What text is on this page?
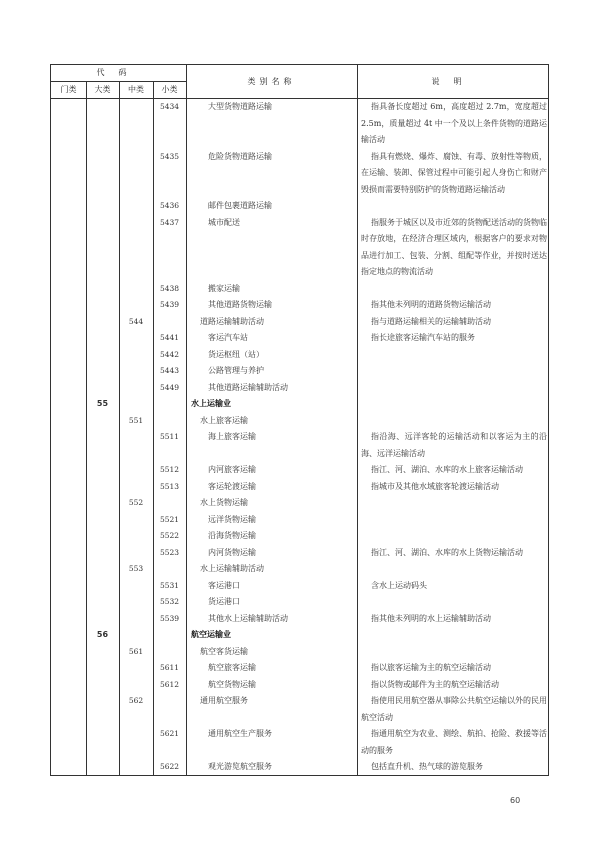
代码
门类	大类	中类	小类
类别名称	说明
5434	大型货物道路运输	指具备长度超过 6m，高度超过 2.7m，宽度超过 2.5m，质量超过 4t 中一个及以上条件货物的道路运输活动
5435	危险货物道路运输	指具有燃烧、爆炸、腐蚀、有毒、放射性等物质，在运输、装卸、保管过程中可能引起人身伤亡和财产毁损而需要特别防护的货物道路运输活动
5436	邮件包裹道路运输
5437	城市配送	指服务于城区以及市近郊的货物配送活动的货物临时存放地，在经济合理区域内，根据客户的要求对物品进行加工、包装、分割、组配等作业，并按时送达指定地点的物流活动
5438	搬家运输
5439	其他道路货物运输	指其他未列明的道路货物运输活动
544	道路运输辅助活动	指与道路运输相关的运输辅助活动
5441	客运汽车站	指长途旅客运输汽车站的服务
5442	货运枢纽（站）
5443	公路管理与养护
5449	其他道路运输辅助活动
55	水上运输业
551	水上旅客运输
5511	海上旅客运输	指沿海、远洋客轮的运输活动和以客运为主的沿海、远洋运输活动
5512	内河旅客运输	指江、河、湖泊、水库的水上旅客运输活动
5513	客运轮渡运输	指城市及其他水域旅客轮渡运输活动
552	水上货物运输
5521	远洋货物运输
5522	沿海货物运输
5523	内河货物运输	指江、河、湖泊、水库的水上货物运输活动
553	水上运输辅助活动
5531	客运港口	含水上运动码头
5532	货运港口
5539	其他水上运输辅助活动	指其他未列明的水上运输辅助活动
56	航空运输业
561	航空客货运输
5611	航空旅客运输	指以旅客运输为主的航空运输活动
5612	航空货物运输	指以货物或邮件为主的航空运输活动
562	通用航空服务	指使用民用航空器从事除公共航空运输以外的民用航空活动
5621	通用航空生产服务	指通用航空为农业、测绘、航拍、抢险、救援等活动的服务
5622	观光游览航空服务	包括直升机、热气球的游览服务
60
